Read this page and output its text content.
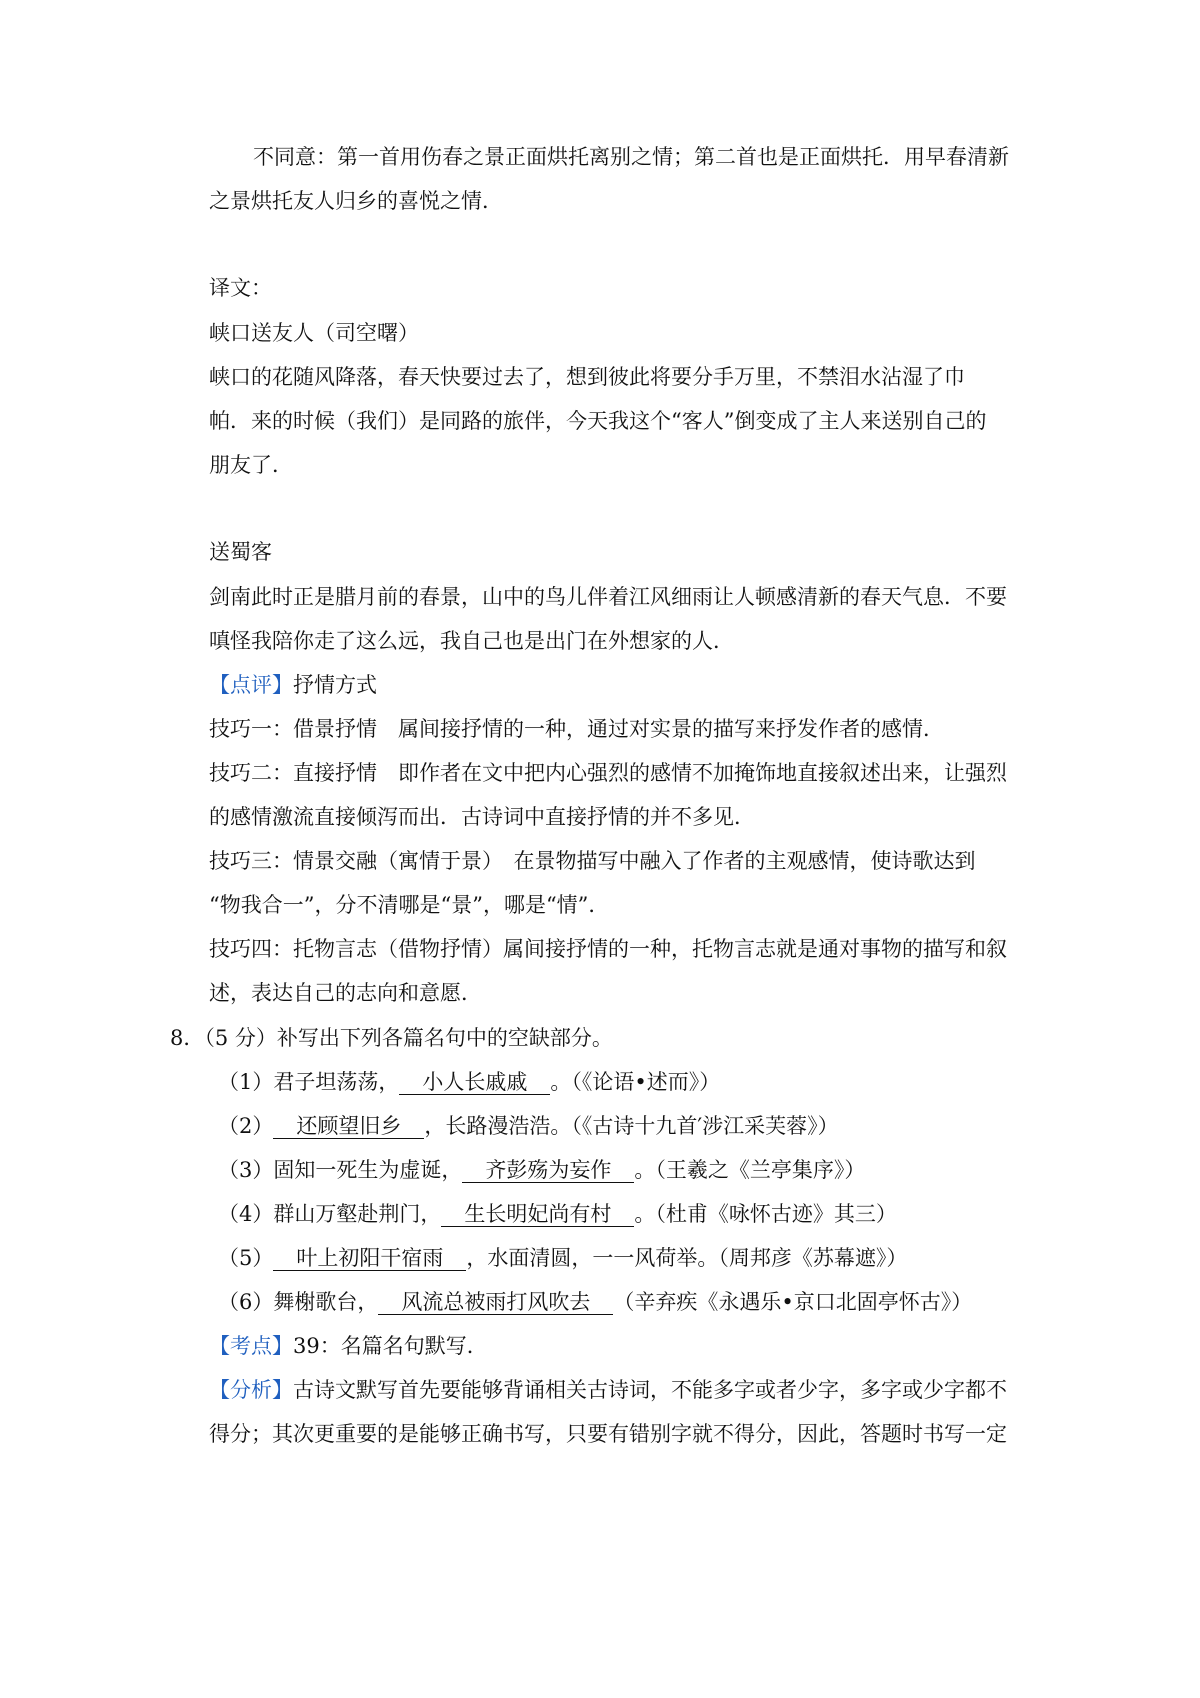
不同意：第一首用伤春之景正面烘托离别之情；第二首也是正面烘托．用早春清新
之景烘托友人归乡的喜悦之情．
译文：
峡口送友人（司空曙）
峡口的花随风降落，春天快要过去了，想到彼此将要分手万里，不禁泪水沾湿了巾
帕．来的时候（我们）是同路的旅伴，今天我这个“客人”倒变成了主人来送别自己的
朋友了．
送蜀客
剑南此时正是腊月前的春景，山中的鸟儿伴着江风细雨让人顿感清新的春天气息．不要
嗔怪我陪你走了这么远，我自己也是出门在外想家的人．
【点评】抒情方式
技巧一：借景抒情　属间接抒情的一种，通过对实景的描写来抒发作者的感情．
技巧二：直接抒情　即作者在文中把内心强烈的感情不加掩饰地直接叙述出来，让强烈
的感情激流直接倾泻而出．古诗词中直接抒情的并不多见．
技巧三：情景交融（寓情于景）　在景物描写中融入了作者的主观感情，使诗歌达到
“物我合一”，分不清哪是“景”，哪是“情”．
技巧四：托物言志（借物抒情）属间接抒情的一种，托物言志就是通对事物的描写和叙
述，表达自己的志向和意愿．
8．（5 分）补写出下列各篇名句中的空缺部分。
（1）君子坦荡荡，　小人长戚戚　。（《论语•述而》）
（2）　还顾望旧乡　，长路漫浩浩。（《古诗十九首′涉江采芙蓉》）
（3）固知一死生为虚诞，　齐彭殇为妄作　。（王羲之《兰亭集序》）
（4）群山万壑赴荆门，　生长明妃尚有村　。（杜甫《咏怀古迹》其三）
（5）　叶上初阳干宿雨　，水面清圆，一一风荷举。（周邦彦《苏幕遮》）
（6）舞榭歌台，　风流总被雨打风吹去　（辛弃疾《永遇乐•京口北固亭怀古》）
【考点】39：名篇名句默写．
【分析】古诗文默写首先要能够背诵相关古诗词，不能多字或者少字，多字或少字都不
得分；其次更重要的是能够正确书写，只要有错别字就不得分，因此，答题时书写一定
